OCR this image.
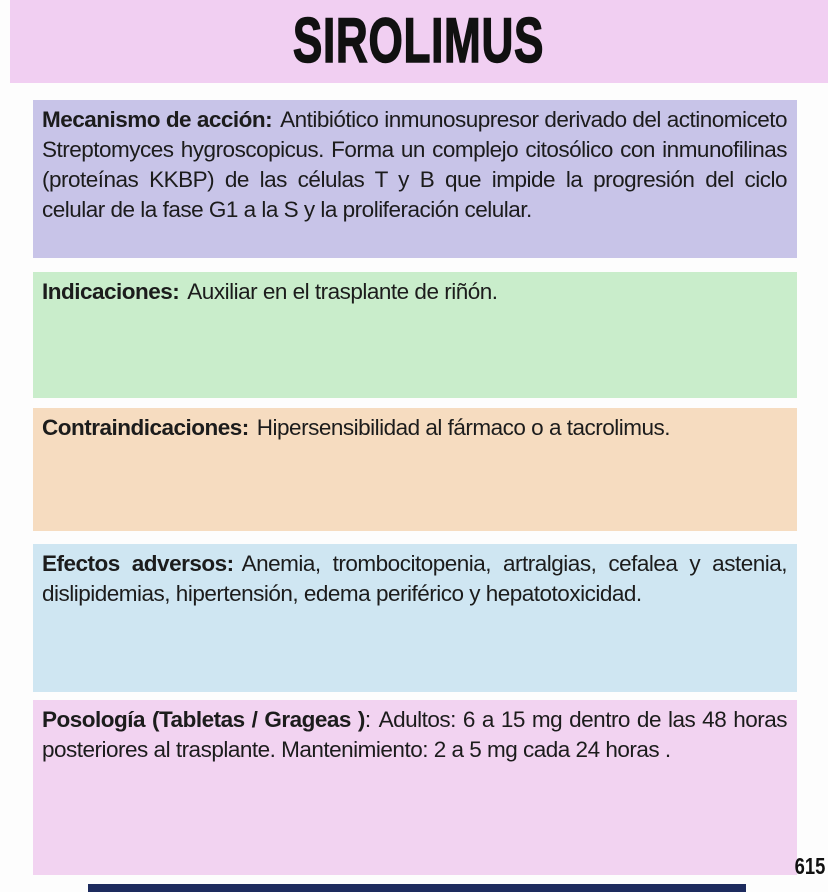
SIROLIMUS
Mecanismo de acción: Antibiótico inmunosupresor derivado del actinomiceto Streptomyces hygroscopicus. Forma un complejo citosólico con inmunofilinas (proteínas KKBP) de las células T y B que impide la progresión del ciclo celular de la fase G1 a la S y la proliferación celular.
Indicaciones: Auxiliar en el trasplante de riñón.
Contraindicaciones: Hipersensibilidad al fármaco o a tacrolimus.
Efectos adversos: Anemia, trombocitopenia, artralgias, cefalea y astenia, dislipidemias, hipertensión, edema periférico y hepatotoxicidad.
Posología (Tabletas / Grageas ): Adultos: 6 a 15 mg dentro de las 48 horas posteriores al trasplante. Mantenimiento: 2 a 5 mg cada 24 horas .
615
